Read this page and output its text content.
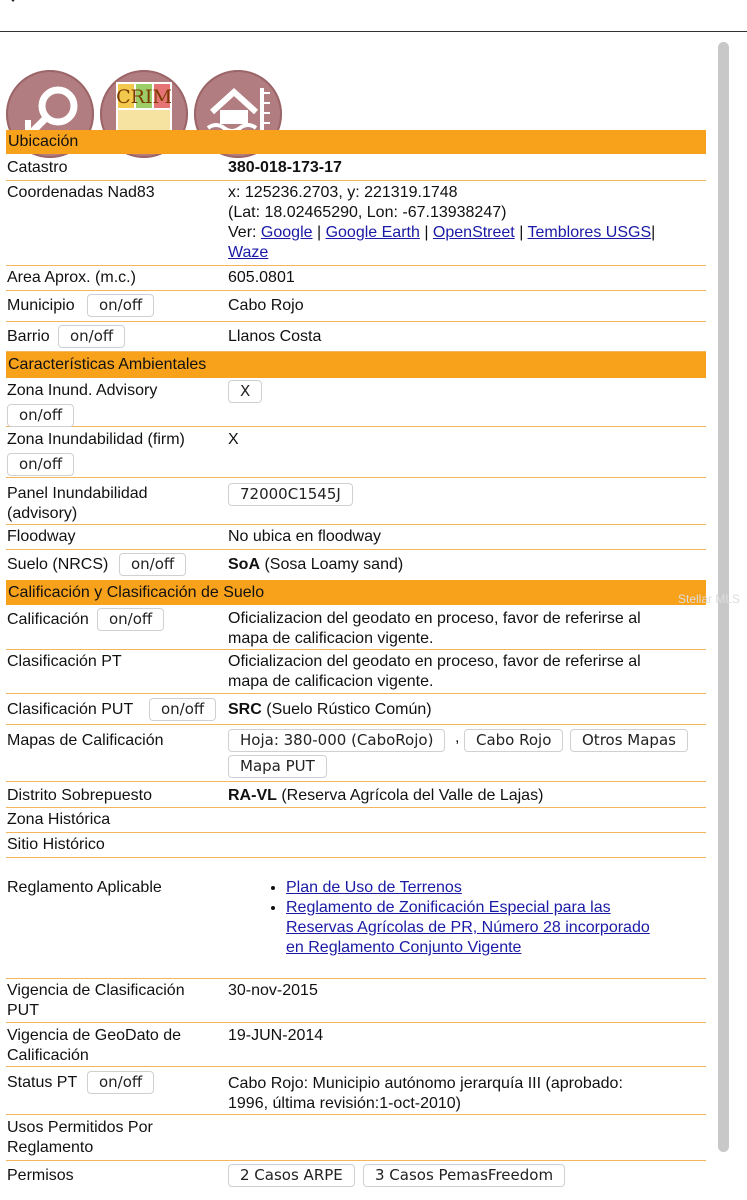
CRIM
Ubicación
Catastro	380-018-173-17
Coordenadas Nad83	x: 125236.2703, y: 221319.1748
(Lat: 18.02465290, Lon: -67.13938247)
Ver: Google | Google Earth | OpenStreet | Temblores USGS|
Waze
Area Aprox. (m.c.)	605.0801
Municipio	on/off	Cabo Rojo
Barrio	on/off	Llanos Costa
Características Ambientales
Zona Inund. Advisory
on/off
X
Zona Inundabilidad (firm)
on/off
X
Panel Inundabilidad
(advisory)
72000C1545J
Floodway	No ubica en floodway
Suelo (NRCS)	on/off	SoA (Sosa Loamy sand)
Calificación y Clasificación de Suelo
Calificación	on/off	Oficializacion del geodato en proceso, favor de referirse al
mapa de calificacion vigente.
Clasificación PT	Oficializacion del geodato en proceso, favor de referirse al
mapa de calificacion vigente.
Clasificación PUT	on/off	SRC (Suelo Rústico Común)
Mapas de Calificación	Hoja: 380-000 (CaboRojo)	,	Cabo Rojo	Otros Mapas
Mapa PUT
Distrito Sobrepuesto	RA-VL (Reserva Agrícola del Valle de Lajas)
Zona Histórica
Sitio Histórico
Reglamento Aplicable
•	Plan de Uso de Terrenos
• Reglamento de Zonificación Especial para las
Reservas Agrícolas de PR, Número 28 incorporado
en Reglamento Conjunto Vigente
Vigencia de Clasificación
PUT
30-nov-2015
Vigencia de GeoDato de
Calificación
19-JUN-2014
Status PT	on/off	Cabo Rojo: Municipio autónomo jerarquía III (aprobado:
1996, última revisión:1-oct-2010)
Usos Permitidos Por
Reglamento
Permisos	2 Casos ARPE	3 Casos PemasFreedom
Stellar MLS
